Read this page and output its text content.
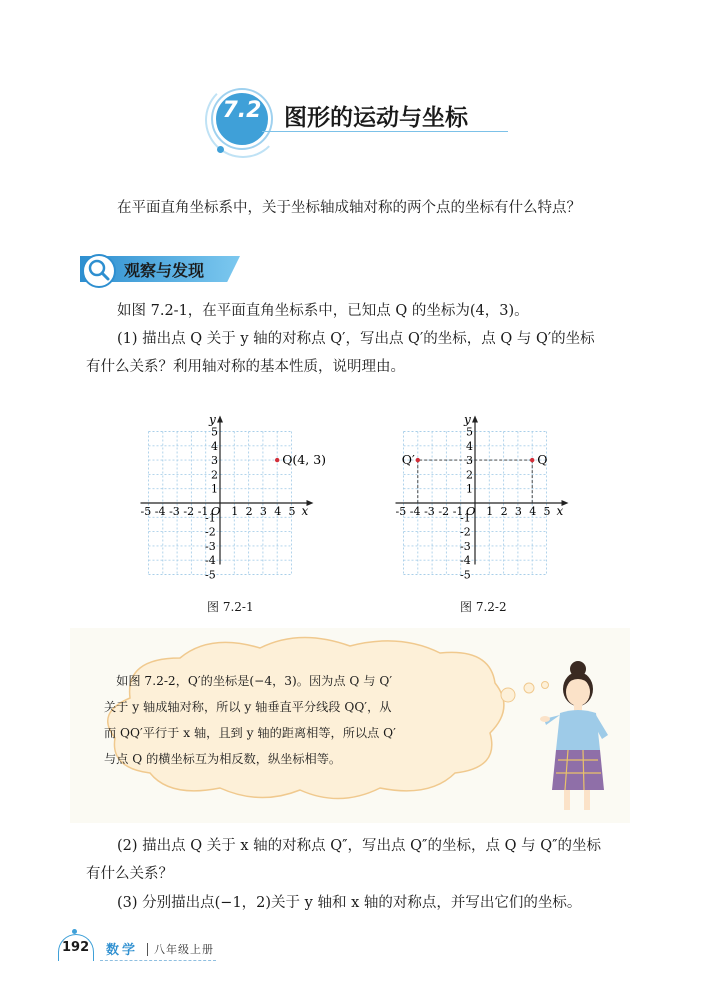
7.2 图形的运动与坐标

在平面直角坐标系中，关于坐标轴成轴对称的两个点的坐标有什么特点？

观察与发现

如图 7.2-1，在平面直角坐标系中，已知点 Q 的坐标为(4，3)。

(1) 描出点 Q 关于 y 轴的对称点 Q′，写出点 Q′的坐标，点 Q 与 Q′的坐标

有什么关系？利用轴对称的基本性质，说明理由。

x
y
O
-5 -4 -3 -2 -1 1 2 3 4 5
5
4
3
2
1
-1
-2
-3
-4
-5
Q(4, 3)
图 7.2-1
x
y
O
-5 -4 -3 -2 -1 1 2 3 4 5
5
4
3
2
1
-1
-2
-3
-4
-5
Q
Q′
图 7.2-2
　如图 7.2-2，Q′的坐标是(−4，3)。因为点 Q 与 Q′
关于 y 轴成轴对称，所以 y 轴垂直平分线段 QQ′，从
而 QQ′平行于 x 轴，且到 y 轴的距离相等，所以点 Q′
与点 Q 的横坐标互为相反数，纵坐标相等。

(2) 描出点 Q 关于 x 轴的对称点 Q″，写出点 Q″的坐标，点 Q 与 Q″的坐标

有什么关系？

(3) 分别描出点(−1，2)关于 y 轴和 x 轴的对称点，并写出它们的坐标。

192 数学 八年级上册
